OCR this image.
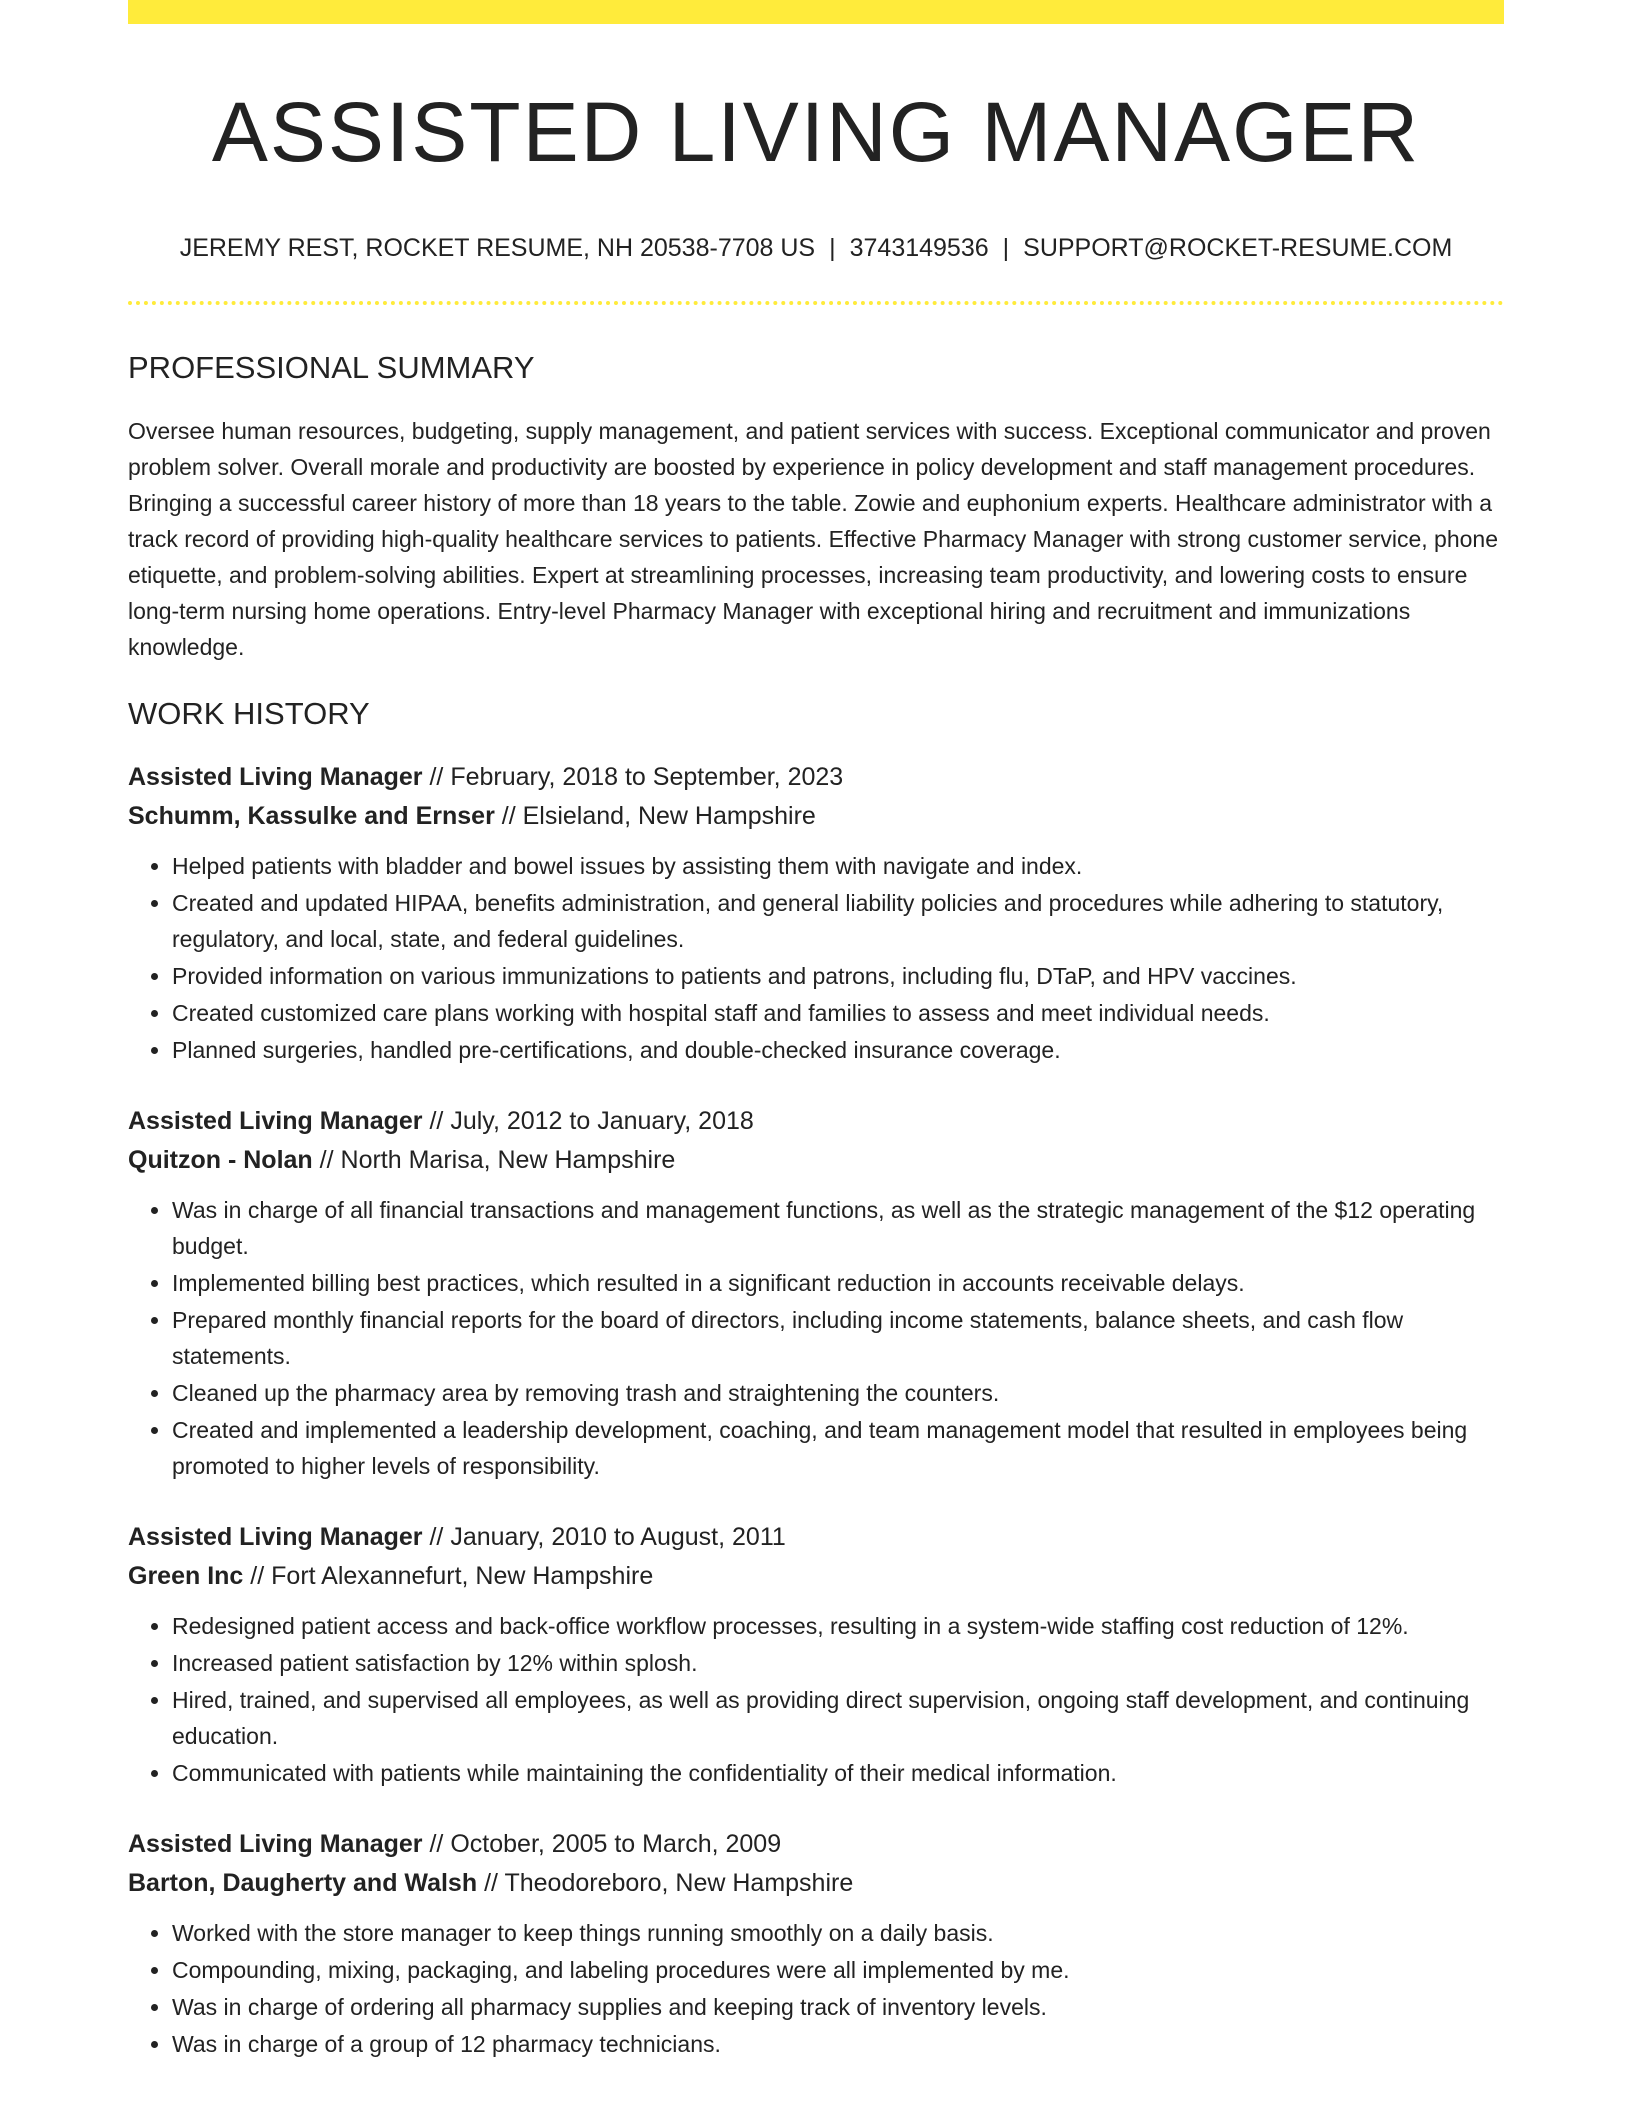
ASSISTED LIVING MANAGER
JEREMY REST, ROCKET RESUME, NH 20538-7708 US | 3743149536 | SUPPORT@ROCKET-RESUME.COM
PROFESSIONAL SUMMARY
Oversee human resources, budgeting, supply management, and patient services with success. Exceptional communicator and proven problem solver. Overall morale and productivity are boosted by experience in policy development and staff management procedures. Bringing a successful career history of more than 18 years to the table. Zowie and euphonium experts. Healthcare administrator with a track record of providing high-quality healthcare services to patients. Effective Pharmacy Manager with strong customer service, phone etiquette, and problem-solving abilities. Expert at streamlining processes, increasing team productivity, and lowering costs to ensure long-term nursing home operations. Entry-level Pharmacy Manager with exceptional hiring and recruitment and immunizations knowledge.
WORK HISTORY
Assisted Living Manager // February, 2018 to September, 2023
Schumm, Kassulke and Ernser // Elsieland, New Hampshire
• Helped patients with bladder and bowel issues by assisting them with navigate and index.
• Created and updated HIPAA, benefits administration, and general liability policies and procedures while adhering to statutory, regulatory, and local, state, and federal guidelines.
• Provided information on various immunizations to patients and patrons, including flu, DTaP, and HPV vaccines.
• Created customized care plans working with hospital staff and families to assess and meet individual needs.
• Planned surgeries, handled pre-certifications, and double-checked insurance coverage.
Assisted Living Manager // July, 2012 to January, 2018
Quitzon - Nolan // North Marisa, New Hampshire
• Was in charge of all financial transactions and management functions, as well as the strategic management of the $12 operating budget.
• Implemented billing best practices, which resulted in a significant reduction in accounts receivable delays.
• Prepared monthly financial reports for the board of directors, including income statements, balance sheets, and cash flow statements.
• Cleaned up the pharmacy area by removing trash and straightening the counters.
• Created and implemented a leadership development, coaching, and team management model that resulted in employees being promoted to higher levels of responsibility.
Assisted Living Manager // January, 2010 to August, 2011
Green Inc // Fort Alexannefurt, New Hampshire
• Redesigned patient access and back-office workflow processes, resulting in a system-wide staffing cost reduction of 12%.
• Increased patient satisfaction by 12% within splosh.
• Hired, trained, and supervised all employees, as well as providing direct supervision, ongoing staff development, and continuing education.
• Communicated with patients while maintaining the confidentiality of their medical information.
Assisted Living Manager // October, 2005 to March, 2009
Barton, Daugherty and Walsh // Theodoreboro, New Hampshire
• Worked with the store manager to keep things running smoothly on a daily basis.
• Compounding, mixing, packaging, and labeling procedures were all implemented by me.
• Was in charge of ordering all pharmacy supplies and keeping track of inventory levels.
• Was in charge of a group of 12 pharmacy technicians.
